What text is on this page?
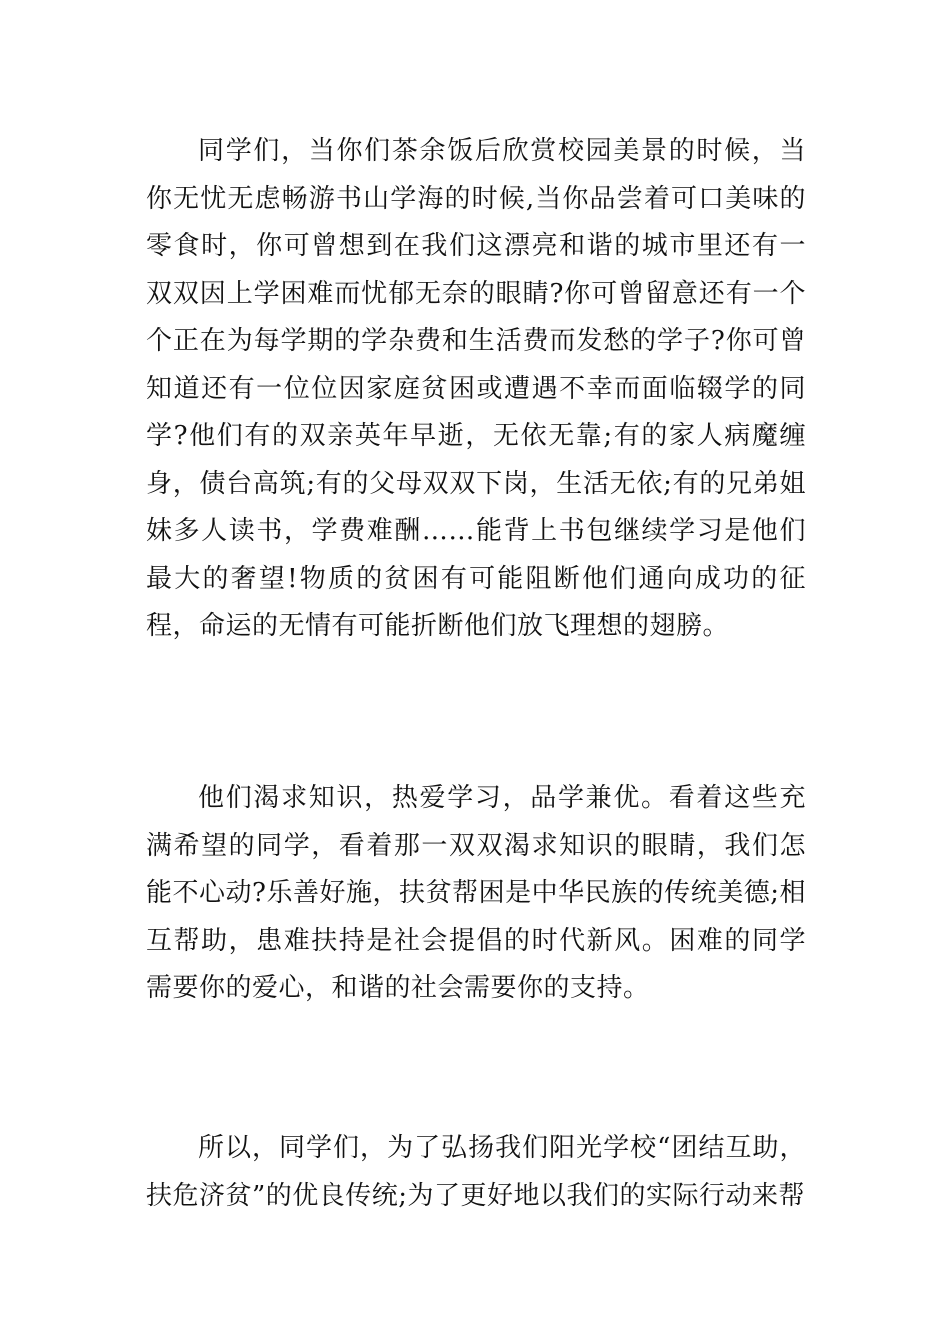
同学们，当你们茶余饭后欣赏校园美景的时候，当你无忧无虑畅游书山学海的时候,当你品尝着可口美味的零食时，你可曾想到在我们这漂亮和谐的城市里还有一双双因上学困难而忧郁无奈的眼睛?你可曾留意还有一个个正在为每学期的学杂费和生活费而发愁的学子?你可曾知道还有一位位因家庭贫困或遭遇不幸而面临辍学的同学?他们有的双亲英年早逝，无依无靠;有的家人病魔缠身，债台高筑;有的父母双双下岗，生活无依;有的兄弟姐妹多人读书，学费难酬……能背上书包继续学习是他们最大的奢望!物质的贫困有可能阻断他们通向成功的征程，命运的无情有可能折断他们放飞理想的翅膀。

他们渴求知识，热爱学习，品学兼优。看着这些充满希望的同学，看着那一双双渴求知识的眼睛，我们怎能不心动?乐善好施，扶贫帮困是中华民族的传统美德;相互帮助，患难扶持是社会提倡的时代新风。困难的同学需要你的爱心，和谐的社会需要你的支持。

所以，同学们，为了弘扬我们阳光学校“团结互助，扶危济贫”的优良传统;为了更好地以我们的实际行动来帮
